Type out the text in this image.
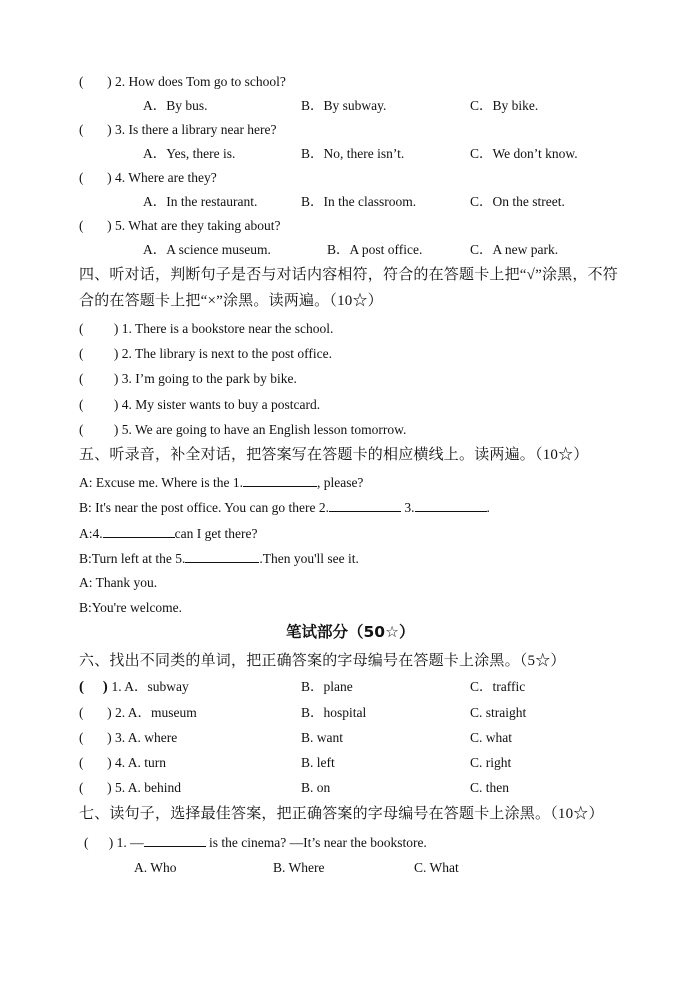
(       ) 2. How does Tom go to school?
A．By bus.	B．By subway.	C．By bike.
(       ) 3. Is there a library near here?
A．Yes, there is.	B．No, there isn’t.	C．We don’t know.
(       ) 4. Where are they?
A．In the restaurant.	B．In the classroom.	C．On the street.
(       ) 5. What are they taking about?
A．A science museum.	B．A post office.	C．A new park.
四、听对话，判断句子是否与对话内容相符，符合的在答题卡上把“√”涂黑，不符
合的在答题卡上把“×”涂黑。读两遍。（10☆）
(         ) 1. There is a bookstore near the school.
(         ) 2. The library is next to the post office.
(         ) 3. I’m going to the park by bike.
(         ) 4. My sister wants to buy a postcard.
(         ) 5. We are going to have an English lesson tomorrow.
五、听录音，补全对话，把答案写在答题卡的相应横线上。读两遍。（10☆）
A: Excuse me. Where is the 1.	, please?
B: It's near the post office. You can go there 2.	3.	.
A:4.	can I get there?
B:Turn left at the 5.	.Then you'll see it.
A: Thank you.
B:You're welcome.
笔试部分（50☆）
六、找出不同类的单词，把正确答案的字母编号在答题卡上涂黑。（5☆）
(     ) 1. A．subway	B．plane	C．traffic
(       ) 2. A．museum	B．hospital	C. straight
(       ) 3. A. where	B. want	C. what
(       ) 4. A. turn	B. left	C. right
(       ) 5. A. behind	B. on	C. then
七、读句子，选择最佳答案，把正确答案的字母编号在答题卡上涂黑。（10☆）
(      ) 1. —	is the cinema? —It’s near the bookstore.
A. Who	B. Where	C. What
